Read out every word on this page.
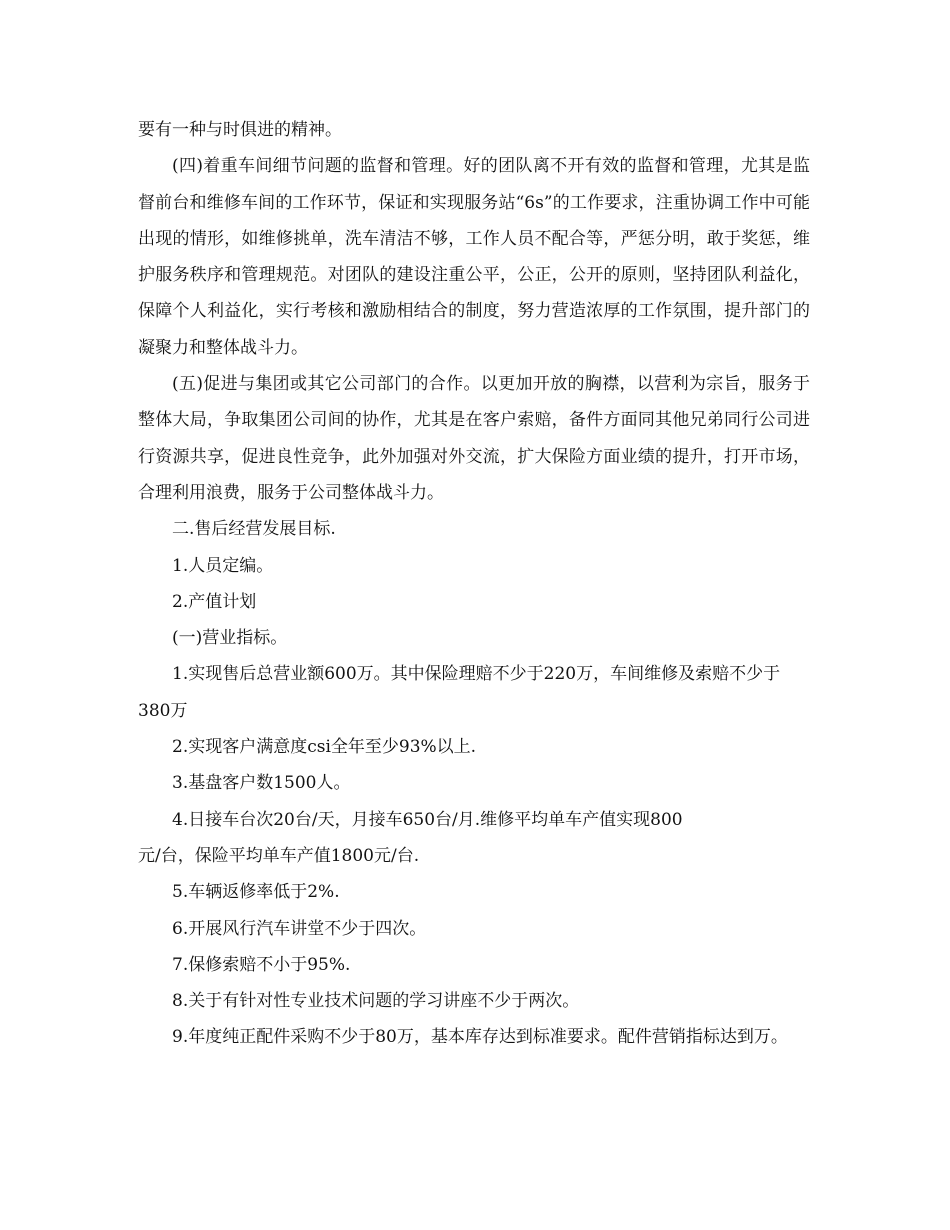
要有一种与时俱进的精神。

(四)着重车间细节问题的监督和管理。好的团队离不开有效的监督和管理，尤其是监督前台和维修车间的工作环节，保证和实现服务站“6s”的工作要求，注重协调工作中可能出现的情形，如维修挑单，洗车清洁不够，工作人员不配合等，严惩分明，敢于奖惩，维护服务秩序和管理规范。对团队的建设注重公平，公正，公开的原则，坚持团队利益化，保障个人利益化，实行考核和激励相结合的制度，努力营造浓厚的工作氛围，提升部门的凝聚力和整体战斗力。

(五)促进与集团或其它公司部门的合作。以更加开放的胸襟，以营利为宗旨，服务于整体大局，争取集团公司间的协作，尤其是在客户索赔，备件方面同其他兄弟同行公司进行资源共享，促进良性竞争，此外加强对外交流，扩大保险方面业绩的提升，打开市场，合理利用浪费，服务于公司整体战斗力。

二.售后经营发展目标.

1.人员定编。

2.产值计划

(一)营业指标。

1.实现售后总营业额600万。其中保险理赔不少于220万，车间维修及索赔不少于380万

2.实现客户满意度csi全年至少93%以上.

3.基盘客户数1500人。

4.日接车台次20台/天，月接车650台/月.维修平均单车产值实现800

元/台，保险平均单车产值1800元/台.

5.车辆返修率低于2%.

6.开展风行汽车讲堂不少于四次。

7.保修索赔不小于95%.

8.关于有针对性专业技术问题的学习讲座不少于两次。

9.年度纯正配件采购不少于80万，基本库存达到标准要求。配件营销指标达到万。
